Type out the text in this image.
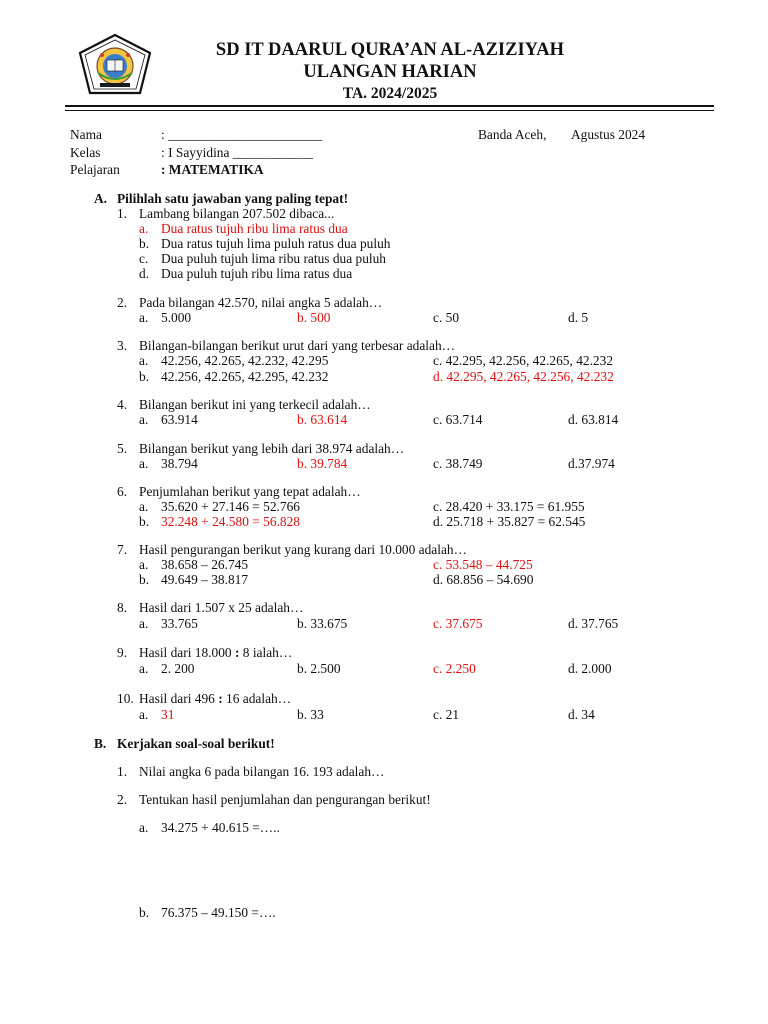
SD IT DAARUL QURA’AN AL-AZIZIYAH
ULANGAN HARIAN
TA. 2024/2025
Nama	: _______________________
Kelas	: I Sayyidina ____________
Pelajaran	: MATEMATIKA
Banda Aceh, Agustus 2024
A. Pilihlah satu jawaban yang paling tepat!
1. Lambang bilangan 207.502 dibaca...
a. Dua ratus tujuh ribu lima ratus dua
b. Dua ratus tujuh lima puluh ratus dua puluh
c. Dua puluh tujuh lima ribu ratus dua puluh
d. Dua puluh tujuh ribu lima ratus dua
2. Pada bilangan 42.570, nilai angka 5 adalah…
a. 5.000	b. 500	c. 50	d. 5
3. Bilangan-bilangan berikut urut dari yang terbesar adalah…
a. 42.256, 42.265, 42.232, 42.295	c. 42.295, 42.256, 42.265, 42.232
b. 42.256, 42.265, 42.295, 42.232	d. 42.295, 42.265, 42.256, 42.232
4. Bilangan berikut ini yang terkecil adalah…
a. 63.914	b. 63.614	c. 63.714	d. 63.814
5. Bilangan berikut yang lebih dari 38.974 adalah…
a. 38.794	b. 39.784	c. 38.749	d.37.974
6. Penjumlahan berikut yang tepat adalah…
a. 35.620 + 27.146 = 52.766	c. 28.420 + 33.175 = 61.955
b. 32.248 + 24.580 = 56.828	d. 25.718 + 35.827 = 62.545
7. Hasil pengurangan berikut yang kurang dari 10.000 adalah…
a. 38.658 – 26.745	c. 53.548 – 44.725
b. 49.649 – 38.817	d. 68.856 – 54.690
8. Hasil dari 1.507 x 25 adalah…
a. 33.765	b. 33.675	c. 37.675	d. 37.765
9. Hasil dari 18.000 : 8 ialah…
a. 2. 200	b. 2.500	c. 2.250	d. 2.000
10. Hasil dari 496 : 16 adalah…
a. 31	b. 33	c. 21	d. 34
B. Kerjakan soal-soal berikut!
1. Nilai angka 6 pada bilangan 16. 193 adalah…
2. Tentukan hasil penjumlahan dan pengurangan berikut!
a. 34.275 + 40.615 =…..
b. 76.375 – 49.150 =….
